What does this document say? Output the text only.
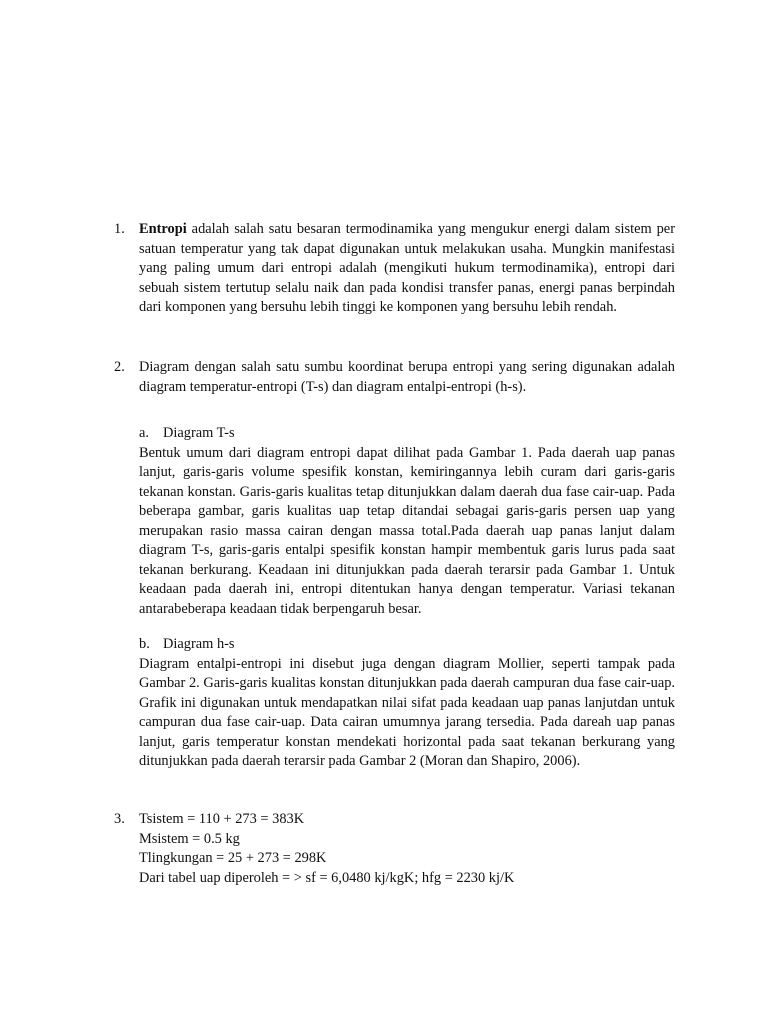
1. Entropi adalah salah satu besaran termodinamika yang mengukur energi dalam sistem per satuan temperatur yang tak dapat digunakan untuk melakukan usaha. Mungkin manifestasi yang paling umum dari entropi adalah (mengikuti hukum termodinamika), entropi dari sebuah sistem tertutup selalu naik dan pada kondisi transfer panas, energi panas berpindah dari komponen yang bersuhu lebih tinggi ke komponen yang bersuhu lebih rendah.

2. Diagram dengan salah satu sumbu koordinat berupa entropi yang sering digunakan adalah diagram temperatur-entropi (T-s) dan diagram entalpi-entropi (h-s).

a. Diagram T-s

Bentuk umum dari diagram entropi dapat dilihat pada Gambar 1. Pada daerah uap panas lanjut, garis-garis volume spesifik konstan, kemiringannya lebih curam dari garis-garis tekanan konstan. Garis-garis kualitas tetap ditunjukkan dalam daerah dua fase cair-uap. Pada beberapa gambar, garis kualitas uap tetap ditandai sebagai garis-garis persen uap yang merupakan rasio massa cairan dengan massa total.Pada daerah uap panas lanjut dalam diagram T-s, garis-garis entalpi spesifik konstan hampir membentuk garis lurus pada saat tekanan berkurang. Keadaan ini ditunjukkan pada daerah terarsir pada Gambar 1. Untuk keadaan pada daerah ini, entropi ditentukan hanya dengan temperatur. Variasi tekanan antarabeberapa keadaan tidak berpengaruh besar.

b. Diagram h-s

Diagram entalpi-entropi ini disebut juga dengan diagram Mollier, seperti tampak pada Gambar 2. Garis-garis kualitas konstan ditunjukkan pada daerah campuran dua fase cair-uap. Grafik ini digunakan untuk mendapatkan nilai sifat pada keadaan uap panas lanjutdan untuk campuran dua fase cair-uap. Data cairan umumnya jarang tersedia. Pada dareah uap panas lanjut, garis temperatur konstan mendekati horizontal pada saat tekanan berkurang yang ditunjukkan pada daerah terarsir pada Gambar 2 (Moran dan Shapiro, 2006).

3. Tsistem = 110 + 273 = 383K

Msistem = 0.5 kg

Tlingkungan = 25 + 273 = 298K

Dari tabel uap diperoleh = > sf = 6,0480 kj/kgK; hfg = 2230 kj/K
